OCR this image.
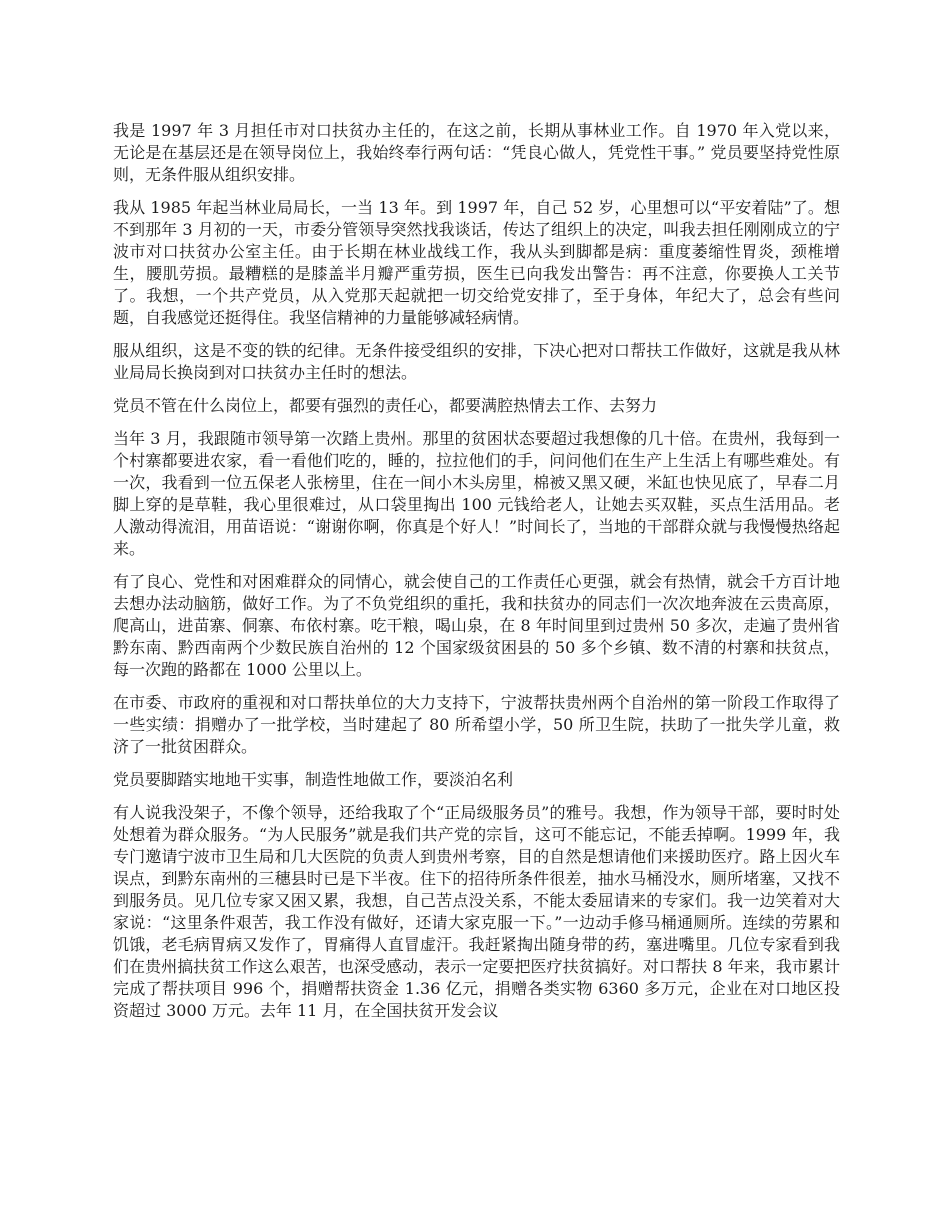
我是 1997 年 3 月担任市对口扶贫办主任的，在这之前，长期从事林业工作。自 1970 年入党以来，无论是在基层还是在领导岗位上，我始终奉行两句话：“凭良心做人，凭党性干事。” 党员要坚持党性原则，无条件服从组织安排。

我从 1985 年起当林业局局长，一当 13 年。到 1997 年，自己 52 岁，心里想可以“平安着陆”了。想不到那年 3 月初的一天，市委分管领导突然找我谈话，传达了组织上的决定，叫我去担任刚刚成立的宁波市对口扶贫办公室主任。由于长期在林业战线工作，我从头到脚都是病：重度萎缩性胃炎，颈椎增生，腰肌劳损。最糟糕的是膝盖半月瓣严重劳损，医生已向我发出警告：再不注意，你要换人工关节了。我想，一个共产党员，从入党那天起就把一切交给党安排了，至于身体，年纪大了，总会有些问题，自我感觉还挺得住。我坚信精神的力量能够减轻病情。

服从组织，这是不变的铁的纪律。无条件接受组织的安排，下决心把对口帮扶工作做好，这就是我从林业局局长换岗到对口扶贫办主任时的想法。

党员不管在什么岗位上，都要有强烈的责任心，都要满腔热情去工作、去努力

当年 3 月，我跟随市领导第一次踏上贵州。那里的贫困状态要超过我想像的几十倍。在贵州，我每到一个村寨都要进农家，看一看他们吃的，睡的，拉拉他们的手，问问他们在生产上生活上有哪些难处。有一次，我看到一位五保老人张榜里，住在一间小木头房里，棉被又黑又硬，米缸也快见底了，早春二月脚上穿的是草鞋，我心里很难过，从口袋里掏出 100 元钱给老人，让她去买双鞋，买点生活用品。老人激动得流泪，用苗语说：“谢谢你啊，你真是个好人！”时间长了，当地的干部群众就与我慢慢热络起来。

有了良心、党性和对困难群众的同情心，就会使自己的工作责任心更强，就会有热情，就会千方百计地去想办法动脑筋，做好工作。为了不负党组织的重托，我和扶贫办的同志们一次次地奔波在云贵高原，爬高山，进苗寨、侗寨、布依村寨。吃干粮，喝山泉，在 8 年时间里到过贵州 50 多次，走遍了贵州省黔东南、黔西南两个少数民族自治州的 12 个国家级贫困县的 50 多个乡镇、数不清的村寨和扶贫点，每一次跑的路都在 1000 公里以上。

在市委、市政府的重视和对口帮扶单位的大力支持下，宁波帮扶贵州两个自治州的第一阶段工作取得了一些实绩：捐赠办了一批学校，当时建起了 80 所希望小学，50 所卫生院，扶助了一批失学儿童，救济了一批贫困群众。

党员要脚踏实地地干实事，制造性地做工作，要淡泊名利

有人说我没架子，不像个领导，还给我取了个“正局级服务员”的雅号。我想，作为领导干部，要时时处处想着为群众服务。“为人民服务”就是我们共产党的宗旨，这可不能忘记，不能丢掉啊。1999 年，我专门邀请宁波市卫生局和几大医院的负责人到贵州考察，目的自然是想请他们来援助医疗。路上因火车误点，到黔东南州的三穗县时已是下半夜。住下的招待所条件很差，抽水马桶没水，厕所堵塞，又找不到服务员。见几位专家又困又累，我想，自己苦点没关系，不能太委屈请来的专家们。我一边笑着对大家说：“这里条件艰苦，我工作没有做好，还请大家克服一下。”一边动手修马桶通厕所。连续的劳累和饥饿，老毛病胃病又发作了，胃痛得人直冒虚汗。我赶紧掏出随身带的药，塞进嘴里。几位专家看到我们在贵州搞扶贫工作这么艰苦，也深受感动，表示一定要把医疗扶贫搞好。对口帮扶 8 年来，我市累计完成了帮扶项目 996 个，捐赠帮扶资金 1.36 亿元，捐赠各类实物 6360 多万元，企业在对口地区投资超过 3000 万元。去年 11 月，在全国扶贫开发会议
